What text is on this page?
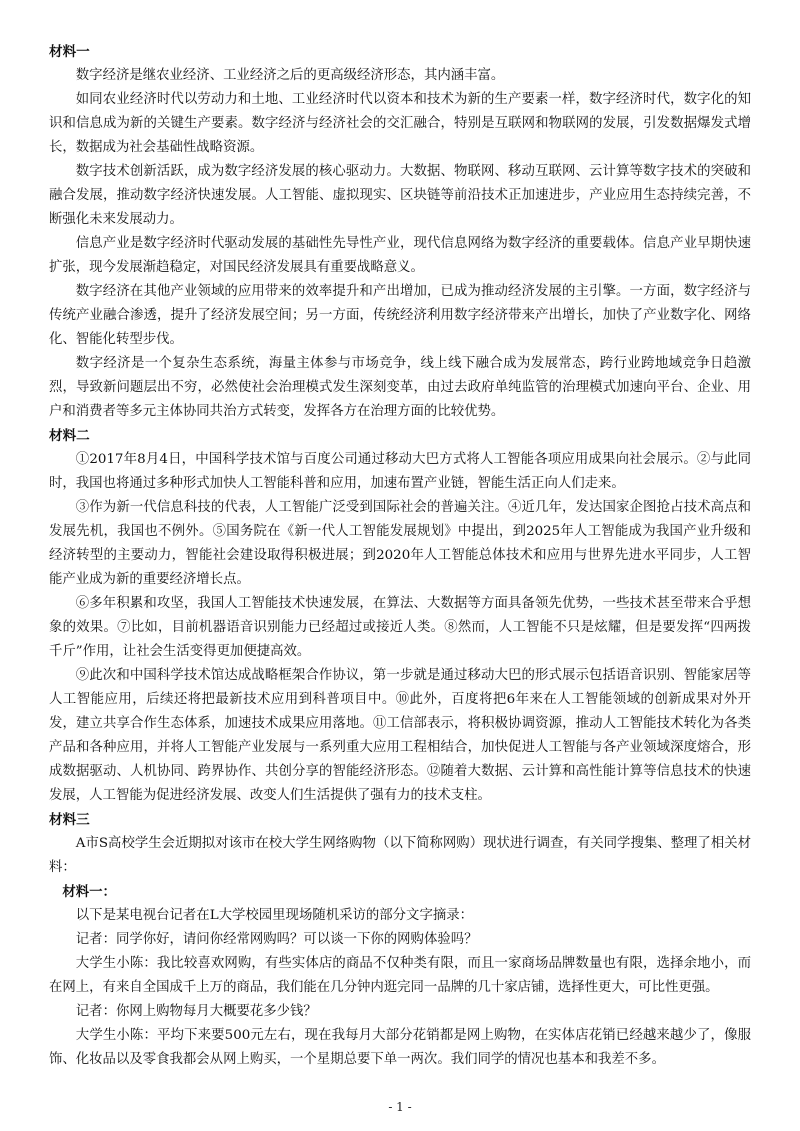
材料一

数字经济是继农业经济、工业经济之后的更高级经济形态，其内涵丰富。

如同农业经济时代以劳动力和土地、工业经济时代以资本和技术为新的生产要素一样，数字经济时代，数字化的知识和信息成为新的关键生产要素。数字经济与经济社会的交汇融合，特别是互联网和物联网的发展，引发数据爆发式增长，数据成为社会基础性战略资源。

数字技术创新活跃，成为数字经济发展的核心驱动力。大数据、物联网、移动互联网、云计算等数字技术的突破和融合发展，推动数字经济快速发展。人工智能、虚拟现实、区块链等前沿技术正加速进步，产业应用生态持续完善，不断强化未来发展动力。

信息产业是数字经济时代驱动发展的基础性先导性产业，现代信息网络为数字经济的重要载体。信息产业早期快速扩张，现今发展渐趋稳定，对国民经济发展具有重要战略意义。

数字经济在其他产业领域的应用带来的效率提升和产出增加，已成为推动经济发展的主引擎。一方面，数字经济与传统产业融合渗透，提升了经济发展空间；另一方面，传统经济利用数字经济带来产出增长，加快了产业数字化、网络化、智能化转型步伐。

数字经济是一个复杂生态系统，海量主体参与市场竞争，线上线下融合成为发展常态，跨行业跨地域竞争日趋激烈，导致新问题层出不穷，必然使社会治理模式发生深刻变革，由过去政府单纯监管的治理模式加速向平台、企业、用户和消费者等多元主体协同共治方式转变，发挥各方在治理方面的比较优势。

材料二

①2017年8月4日，中国科学技术馆与百度公司通过移动大巴方式将人工智能各项应用成果向社会展示。②与此同时，我国也将通过多种形式加快人工智能科普和应用，加速布置产业链，智能生活正向人们走来。

③作为新一代信息科技的代表，人工智能广泛受到国际社会的普遍关注。④近几年，发达国家企图抢占技术高点和发展先机，我国也不例外。⑤国务院在《新一代人工智能发展规划》中提出，到2025年人工智能成为我国产业升级和经济转型的主要动力，智能社会建设取得积极进展；到2020年人工智能总体技术和应用与世界先进水平同步，人工智能产业成为新的重要经济增长点。

⑥多年积累和攻坚，我国人工智能技术快速发展，在算法、大数据等方面具备领先优势，一些技术甚至带来合乎想象的效果。⑦比如，目前机器语音识别能力已经超过或接近人类。⑧然而，人工智能不只是炫耀，但是要发挥“四两拨千斤”作用，让社会生活变得更加便捷高效。

⑨此次和中国科学技术馆达成战略框架合作协议，第一步就是通过移动大巴的形式展示包括语音识别、智能家居等人工智能应用，后续还将把最新技术应用到科普项目中。⑩此外，百度将把6年来在人工智能领域的创新成果对外开发，建立共享合作生态体系，加速技术成果应用落地。⑪工信部表示，将积极协调资源，推动人工智能技术转化为各类产品和各种应用，并将人工智能产业发展与一系列重大应用工程相结合，加快促进人工智能与各产业领域深度熔合，形成数据驱动、人机协同、跨界协作、共创分享的智能经济形态。⑫随着大数据、云计算和高性能计算等信息技术的快速发展，人工智能为促进经济发展、改变人们生活提供了强有力的技术支柱。

材料三

A市S高校学生会近期拟对该市在校大学生网络购物（以下简称网购）现状进行调查，有关同学搜集、整理了相关材料：

材料一：

以下是某电视台记者在L大学校园里现场随机采访的部分文字摘录：

记者：同学你好，请问你经常网购吗？可以谈一下你的网购体验吗？

大学生小陈：我比较喜欢网购，有些实体店的商品不仅种类有限，而且一家商场品牌数量也有限，选择余地小，而在网上，有来自全国成千上万的商品，我们能在几分钟内逛完同一品牌的几十家店铺，选择性更大，可比性更强。

记者：你网上购物每月大概要花多少钱？

大学生小陈：平均下来要500元左右，现在我每月大部分花销都是网上购物，在实体店花销已经越来越少了，像服饰、化妆品以及零食我都会从网上购买，一个星期总要下单一两次。我们同学的情况也基本和我差不多。

- 1 -
